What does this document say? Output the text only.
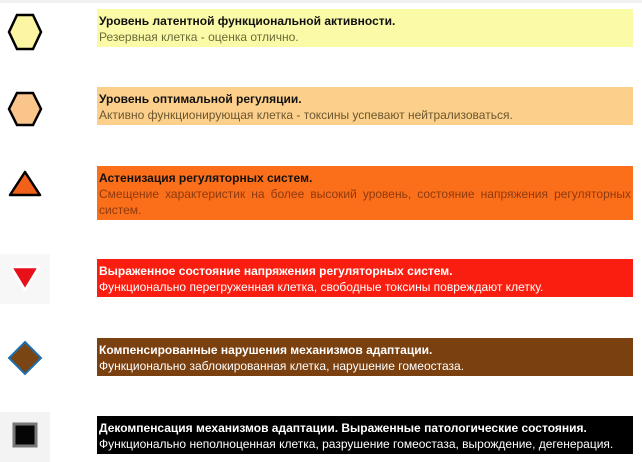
Уровень латентной функциональной активности.
Резервная клетка - оценка отлично.
Уровень оптимальной регуляции.
Активно функционирующая клетка - токсины успевают нейтрализоваться.
Астенизация регуляторных систем.
Смещение характеристик на более высокий уровень, состояние напряжения регуляторных систем.
Выраженное состояние напряжения регуляторных систем.
Функционально перегруженная клетка, свободные токсины повреждают клетку.
Компенсированные нарушения механизмов адаптации.
Функционально заблокированная клетка, нарушение гомеостаза.
Декомпенсация механизмов адаптации. Выраженные патологические состояния.
Функционально неполноценная клетка, разрушение гомеостаза, вырождение, дегенерация.
